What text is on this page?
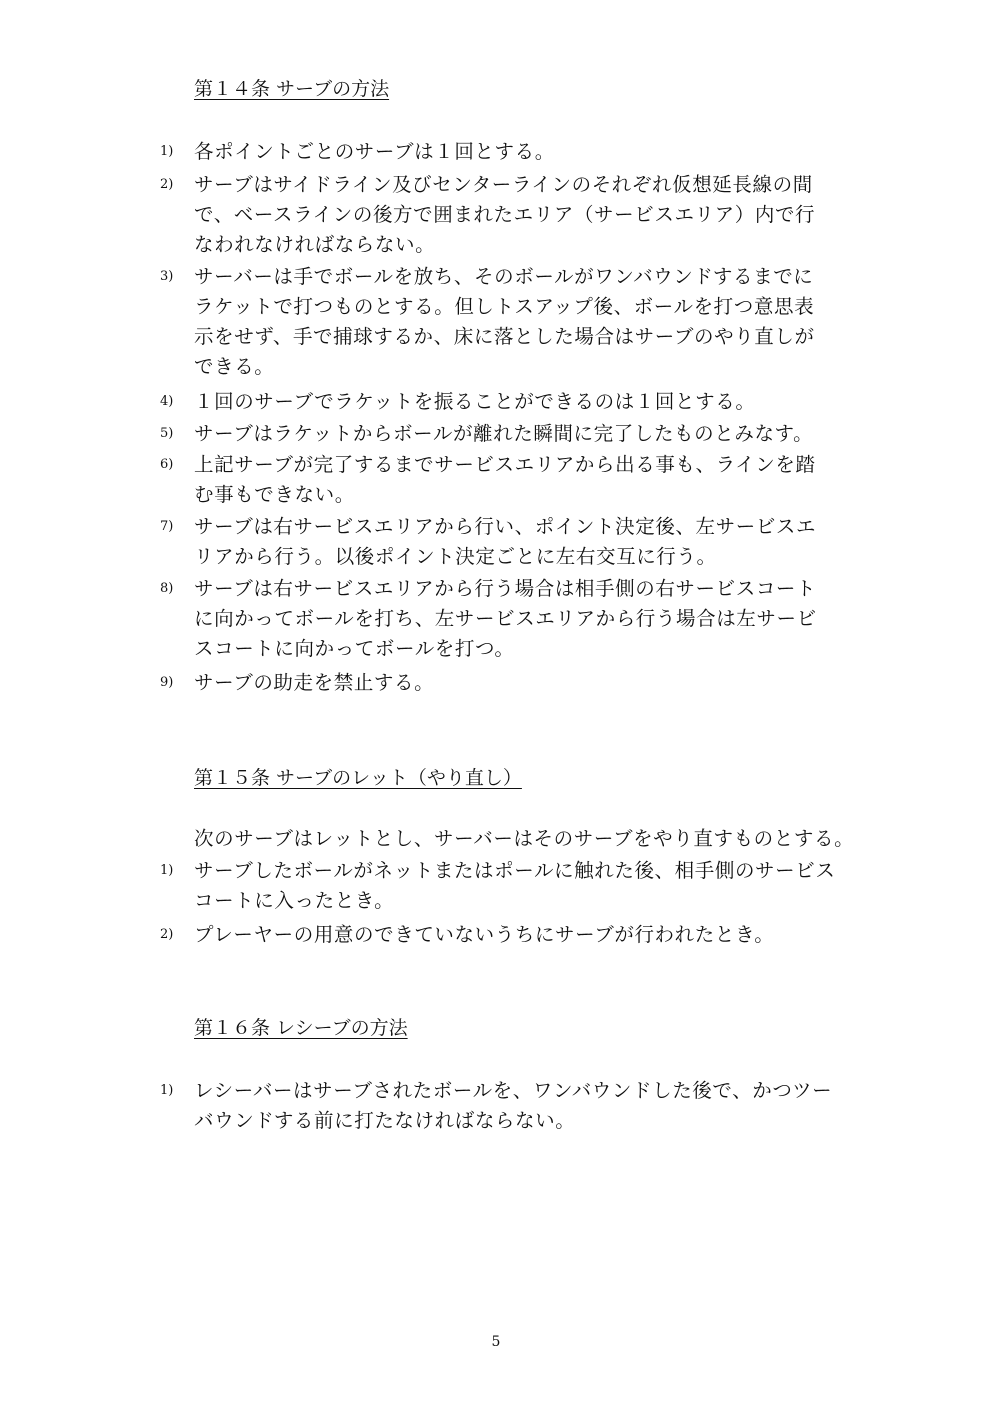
第１４条 サーブの方法
1)	各ポイントごとのサーブは１回とする。
2)	サーブはサイドライン及びセンターラインのそれぞれ仮想延長線の間
で、ベースラインの後方で囲まれたエリア（サービスエリア）内で行
なわれなければならない。
3)	サーバーは手でボールを放ち、そのボールがワンバウンドするまでに
ラケットで打つものとする。但しトスアップ後、ボールを打つ意思表
示をせず、手で捕球するか、床に落とした場合はサーブのやり直しが
できる。
4)	１回のサーブでラケットを振ることができるのは１回とする。
5)	サーブはラケットからボールが離れた瞬間に完了したものとみなす。
6)	上記サーブが完了するまでサービスエリアから出る事も、ラインを踏
む事もできない。
7)	サーブは右サービスエリアから行い、ポイント決定後、左サービスエ
リアから行う。以後ポイント決定ごとに左右交互に行う。
8)	サーブは右サービスエリアから行う場合は相手側の右サービスコート
に向かってボールを打ち、左サービスエリアから行う場合は左サービ
スコートに向かってボールを打つ。
9)	サーブの助走を禁止する。
第１５条 サーブのレット（やり直し）
次のサーブはレットとし、サーバーはそのサーブをやり直すものとする。
1)	サーブしたボールがネットまたはポールに触れた後、相手側のサービス
コートに入ったとき。
2)	プレーヤーの用意のできていないうちにサーブが行われたとき。
第１６条 レシーブの方法
1)	レシーバーはサーブされたボールを、ワンバウンドした後で、かつツー
バウンドする前に打たなければならない。
5
